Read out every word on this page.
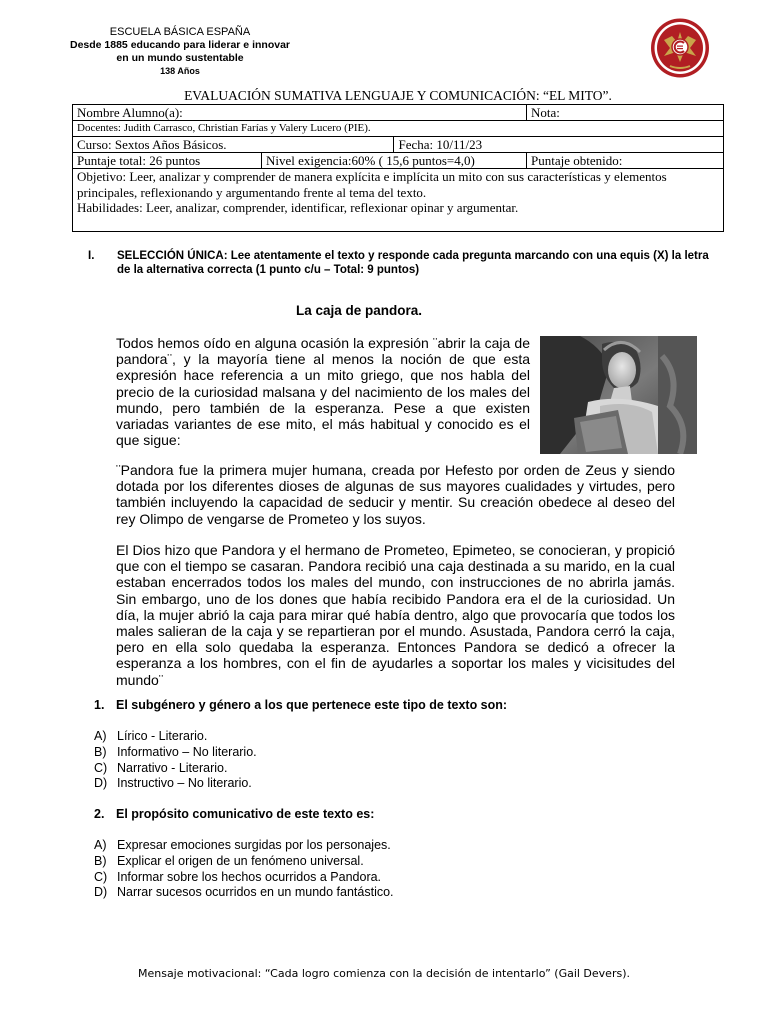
ESCUELA BÁSICA ESPAÑA
Desde 1885 educando para liderar e innovar
en un mundo sustentable
138 Años
EVALUACIÓN SUMATIVA LENGUAJE Y COMUNICACIÓN: “EL MITO”.
Nombre Alumno(a):			Nota:
Docentes: Judith Carrasco, Christian Farías y Valery Lucero (PIE).			
Curso: Sextos Años Básicos.		Fecha: 10/11/23	
Puntaje total: 26 puntos	Nivel exigencia:60% ( 15,6 puntos=4,0)		Puntaje obtenido:

Objetivo: Leer, analizar y comprender de manera explícita e implícita un mito con sus características y elementos principales, reflexionando y argumentando frente al tema del texto.
Habilidades: Leer, analizar, comprender, identificar, reflexionar opinar y argumentar.			
I. SELECCIÓN ÚNICA: Lee atentamente el texto y responde cada pregunta marcando con una equis (X) la letra de la alternativa correcta (1 punto c/u – Total: 9 puntos)
La caja de pandora.

Todos hemos oído en alguna ocasión la expresión ¨abrir la caja de pandora¨, y la mayoría tiene al menos la noción de que esta expresión hace referencia a un mito griego, que nos habla del precio de la curiosidad malsana y del nacimiento de los males del mundo, pero también de la esperanza. Pese a que existen variadas variantes de ese mito, el más habitual y conocido es el que sigue:

¨Pandora fue la primera mujer humana, creada por Hefesto por orden de Zeus y siendo dotada por los diferentes dioses de algunas de sus mayores cualidades y virtudes, pero también incluyendo la capacidad de seducir y mentir. Su creación obedece al deseo del rey Olimpo de vengarse de Prometeo y los suyos.

El Dios hizo que Pandora y el hermano de Prometeo, Epimeteo, se conocieran, y propició que con el tiempo se casaran. Pandora recibió una caja destinada a su marido, en la cual estaban encerrados todos los males del mundo, con instrucciones de no abrirla jamás. Sin embargo, uno de los dones que había recibido Pandora era el de la curiosidad. Un día, la mujer abrió la caja para mirar qué había dentro, algo que provocaría que todos los males salieran de la caja y se repartieran por el mundo. Asustada, Pandora cerró la caja, pero en ella solo quedaba la esperanza. Entonces Pandora se dedicó a ofrecer la esperanza a los hombres, con el fin de ayudarles a soportar los males y vicisitudes del mundo¨

1. El subgénero y género a los que pertenece este tipo de texto son:
A) Lírico - Literario.
B) Informativo – No literario.
C) Narrativo - Literario.
D) Instructivo – No literario.
2. El propósito comunicativo de este texto es:
A) Expresar emociones surgidas por los personajes.
B) Explicar el origen de un fenómeno universal.
C) Informar sobre los hechos ocurridos a Pandora.
D) Narrar sucesos ocurridos en un mundo fantástico.
Mensaje motivacional: “Cada logro comienza con la decisión de intentarlo” (Gail Devers).
